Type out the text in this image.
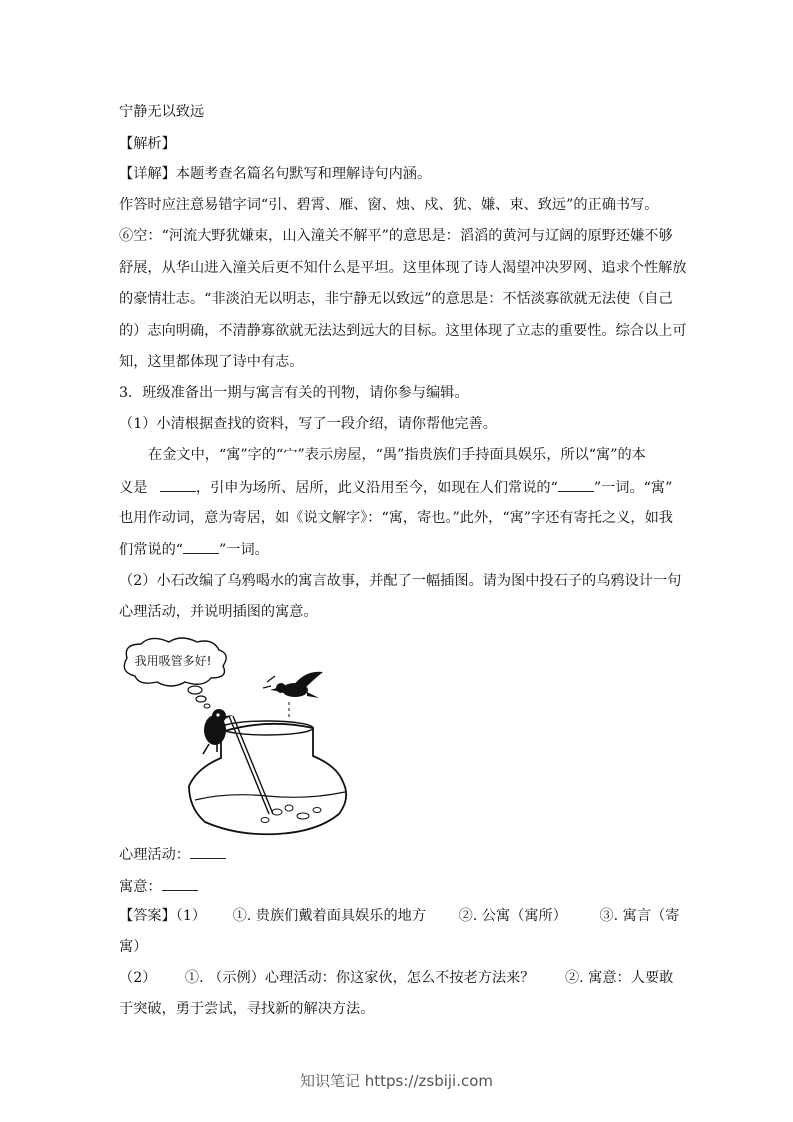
宁静无以致远
【解析】
【详解】本题考查名篇名句默写和理解诗句内涵。
作答时应注意易错字词“引、碧霄、雁、窗、烛、戍、犹、嫌、束、致远”的正确书写。
⑥空：“河流大野犹嫌束，山入潼关不解平”的意思是：滔滔的黄河与辽阔的原野还嫌不够
舒展，从华山进入潼关后更不知什么是平坦。这里体现了诗人渴望冲决罗网、追求个性解放
的豪情壮志。“非淡泊无以明志，非宁静无以致远”的意思是：不恬淡寡欲就无法使（自己
的）志向明确，不清静寡欲就无法达到远大的目标。这里体现了立志的重要性。综合以上可
知，这里都体现了诗中有志。
3．班级准备出一期与寓言有关的刊物，请你参与编辑。
（1）小清根据查找的资料，写了一段介绍，请你帮他完善。
在金文中，“寓”字的“宀”表示房屋，“禺”指贵族们手持面具娱乐，所以“寓”的本
义是	，引申为场所、居所，此义沿用至今，如现在人们常说的“	”一词。“寓”
也用作动词，意为寄居，如《说文解字》：“寓，寄也。”此外，“寓”字还有寄托之义，如我
们常说的“	”一词。
（2）小石改编了乌鸦喝水的寓言故事，并配了一幅插图。请为图中投石子的乌鸦设计一句
心理活动，并说明插图的寓意。
我用吸管多好!
心理活动：
寓意：
【答案】（1） ①. 贵族们戴着面具娱乐的地方 ②. 公寓（寓所） ③. 寓言（寄
寓）
（2） ①. （示例）心理活动：你这家伙，怎么不按老方法来？ ②. 寓意：人要敢
于突破，勇于尝试，寻找新的解决方法。
知识笔记 https://zsbiji.com
